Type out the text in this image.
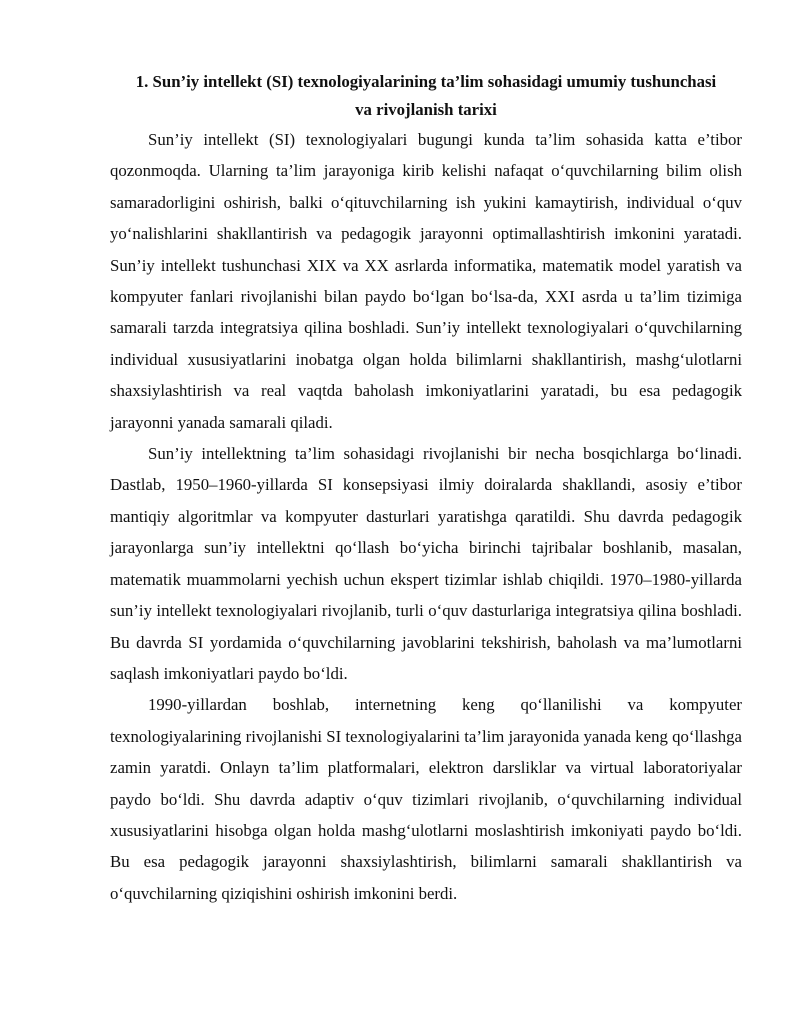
1. Sun’iy intellekt (SI) texnologiyalarining ta’lim sohasidagi umumiy tushunchasi
va rivojlanish tarixi

Sun’iy intellekt (SI) texnologiyalari bugungi kunda ta’lim sohasida katta e’tibor qozonmoqda. Ularning ta’lim jarayoniga kirib kelishi nafaqat o‘quvchilarning bilim olish samaradorligini oshirish, balki o‘qituvchilarning ish yukini kamaytirish, individual o‘quv yo‘nalishlarini shakllantirish va pedagogik jarayonni optimallashtirish imkonini yaratadi. Sun’iy intellekt tushunchasi XIX va XX asrlarda informatika, matematik model yaratish va kompyuter fanlari rivojlanishi bilan paydo bo‘lgan bo‘lsa-da, XXI asrda u ta’lim tizimiga samarali tarzda integratsiya qilina boshladi. Sun’iy intellekt texnologiyalari o‘quvchilarning individual xususiyatlarini inobatga olgan holda bilimlarni shakllantirish, mashg‘ulotlarni shaxsiylashtirish va real vaqtda baholash imkoniyatlarini yaratadi, bu esa pedagogik jarayonni yanada samarali qiladi.

Sun’iy intellektning ta’lim sohasidagi rivojlanishi bir necha bosqichlarga bo‘linadi. Dastlab, 1950–1960-yillarda SI konsepsiyasi ilmiy doiralarda shakllandi, asosiy e’tibor mantiqiy algoritmlar va kompyuter dasturlari yaratishga qaratildi. Shu davrda pedagogik jarayonlarga sun’iy intellektni qo‘llash bo‘yicha birinchi tajribalar boshlanib, masalan, matematik muammolarni yechish uchun ekspert tizimlar ishlab chiqildi. 1970–1980-yillarda sun’iy intellekt texnologiyalari rivojlanib, turli o‘quv dasturlariga integratsiya qilina boshladi. Bu davrda SI yordamida o‘quvchilarning javoblarini tekshirish, baholash va ma’lumotlarni saqlash imkoniyatlari paydo bo‘ldi.

1990-yillardan boshlab, internetning keng qo‘llanilishi va kompyuter texnologiyalarining rivojlanishi SI texnologiyalarini ta’lim jarayonida yanada keng qo‘llashga zamin yaratdi. Onlayn ta’lim platformalari, elektron darsliklar va virtual laboratoriyalar paydo bo‘ldi. Shu davrda adaptiv o‘quv tizimlari rivojlanib, o‘quvchilarning individual xususiyatlarini hisobga olgan holda mashg‘ulotlarni moslashtirish imkoniyati paydo bo‘ldi. Bu esa pedagogik jarayonni shaxsiylashtirish, bilimlarni samarali shakllantirish va o‘quvchilarning qiziqishini oshirish imkonini berdi.
